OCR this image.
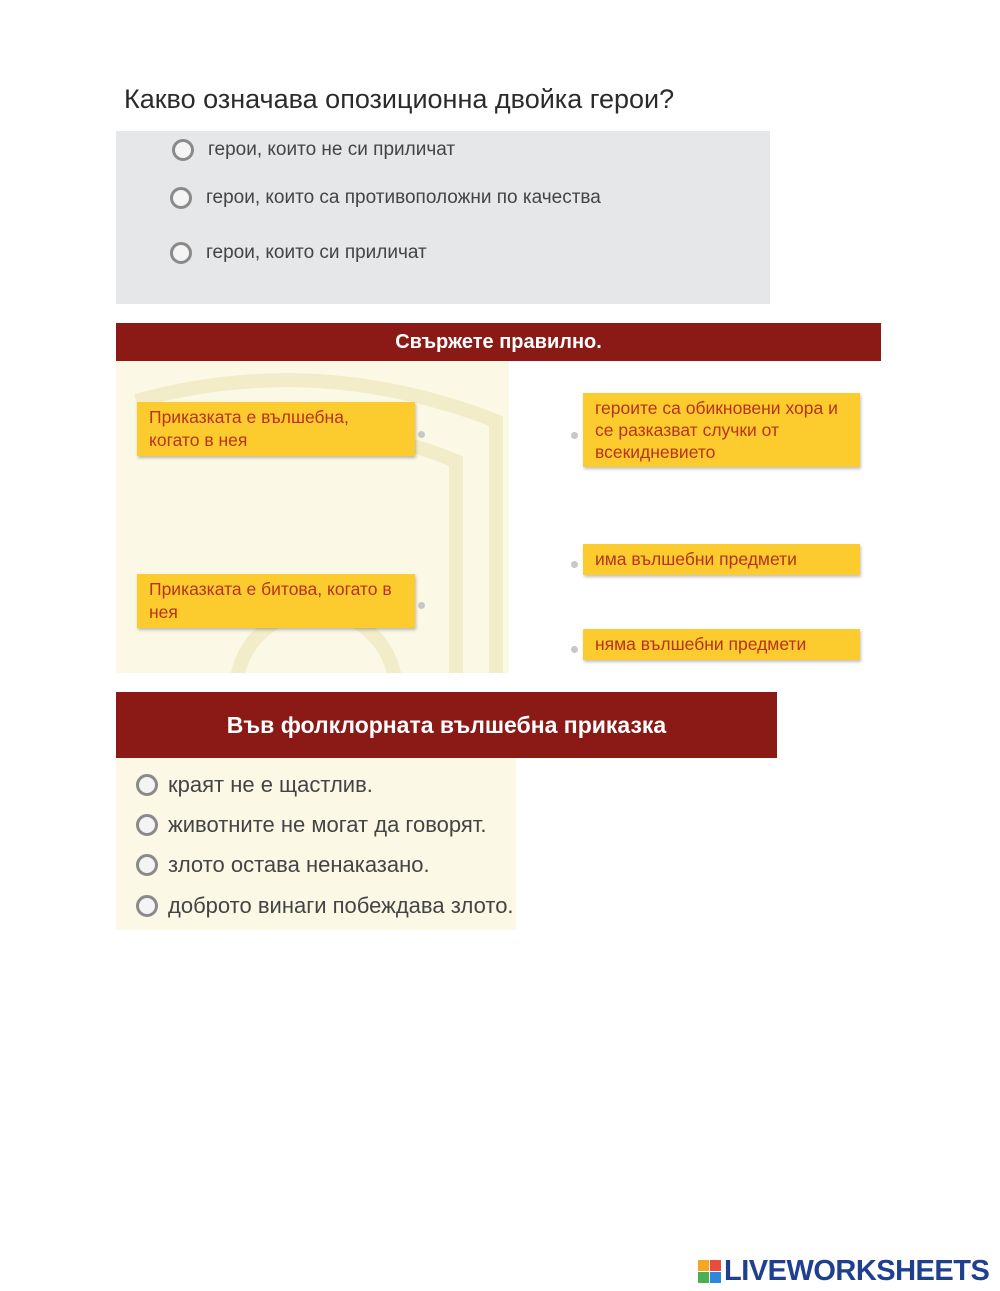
Какво означава опозиционна двойка герои?
герои, които не си приличат
герои, които са противоположни по качества
герои, които си приличат
Свържете правилно.
Приказката е вълшебна, когато в нея
Приказката е битова, когато в нея
героите са обикновени хора и се разказват случки от всекидневието
има вълшебни предмети
няма вълшебни предмети
Във фолклорната вълшебна приказка
краят не е щастлив.
животните не могат да говорят.
злото остава ненаказано.
доброто винаги побеждава злото.
LIVEWORKSHEETS
